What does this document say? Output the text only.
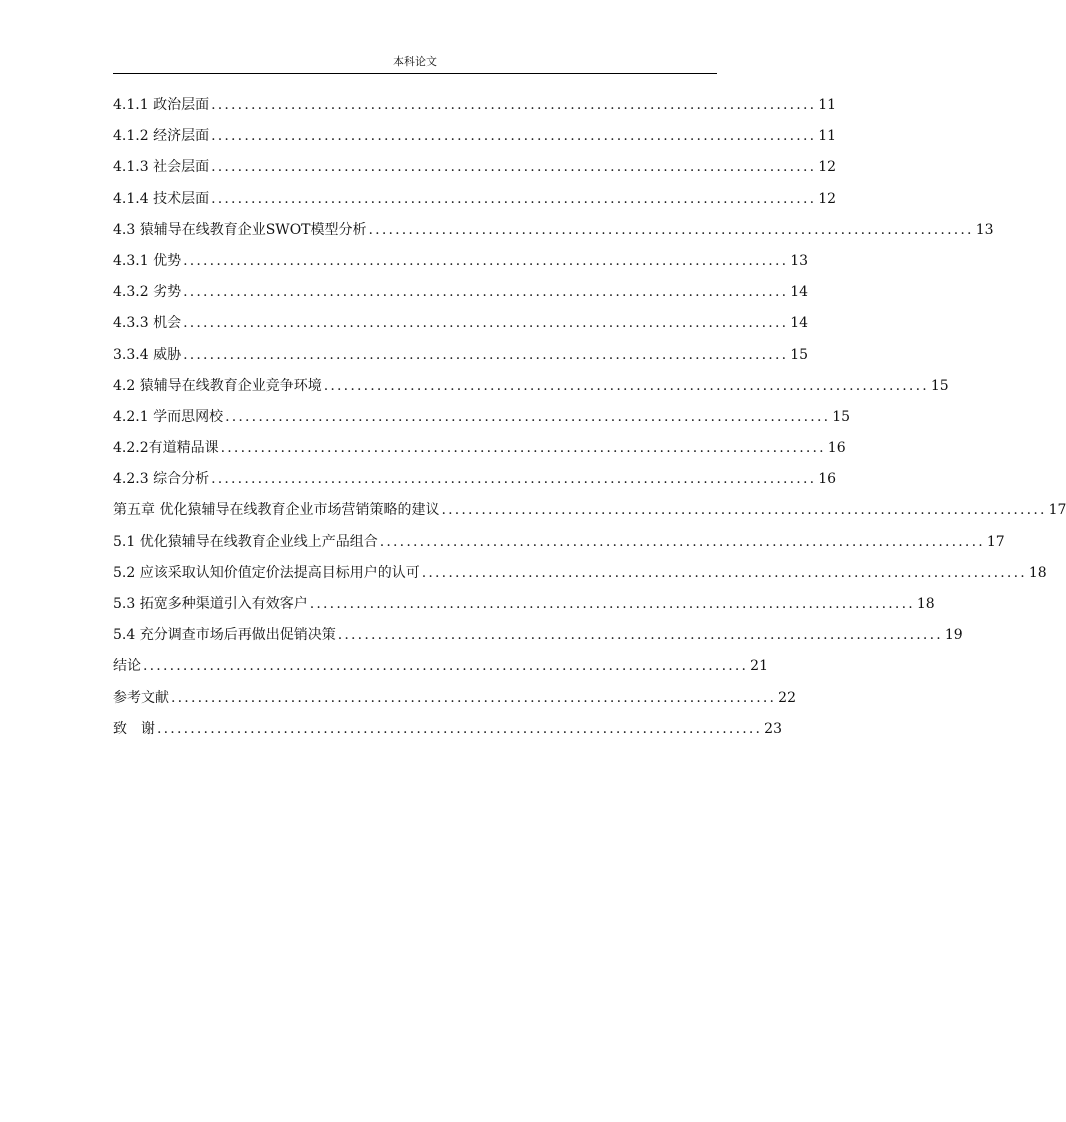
本科论文
4.1.1 政治层面 ........................................................................................... 11
4.1.2 经济层面 ........................................................................................... 11
4.1.3 社会层面 ........................................................................................... 12
4.1.4 技术层面 ........................................................................................... 12
4.3 猿辅导在线教育企业SWOT模型分析 ........................................................................................... 13
4.3.1 优势 ........................................................................................... 13
4.3.2 劣势 ........................................................................................... 14
4.3.3 机会 ........................................................................................... 14
3.3.4 威胁 ........................................................................................... 15
4.2 猿辅导在线教育企业竞争环境 ........................................................................................... 15
4.2.1 学而思网校 ........................................................................................... 15
4.2.2有道精品课 ........................................................................................... 16
4.2.3 综合分析 ........................................................................................... 16
第五章 优化猿辅导在线教育企业市场营销策略的建议 ........................................................................................... 17
5.1 优化猿辅导在线教育企业线上产品组合 ........................................................................................... 17
5.2 应该采取认知价值定价法提高目标用户的认可 ........................................................................................... 18
5.3 拓宽多种渠道引入有效客户 ........................................................................................... 18
5.4 充分调查市场后再做出促销决策 ........................................................................................... 19
结论 ........................................................................................... 21
参考文献 ........................................................................................... 22
致　谢 ........................................................................................... 23
